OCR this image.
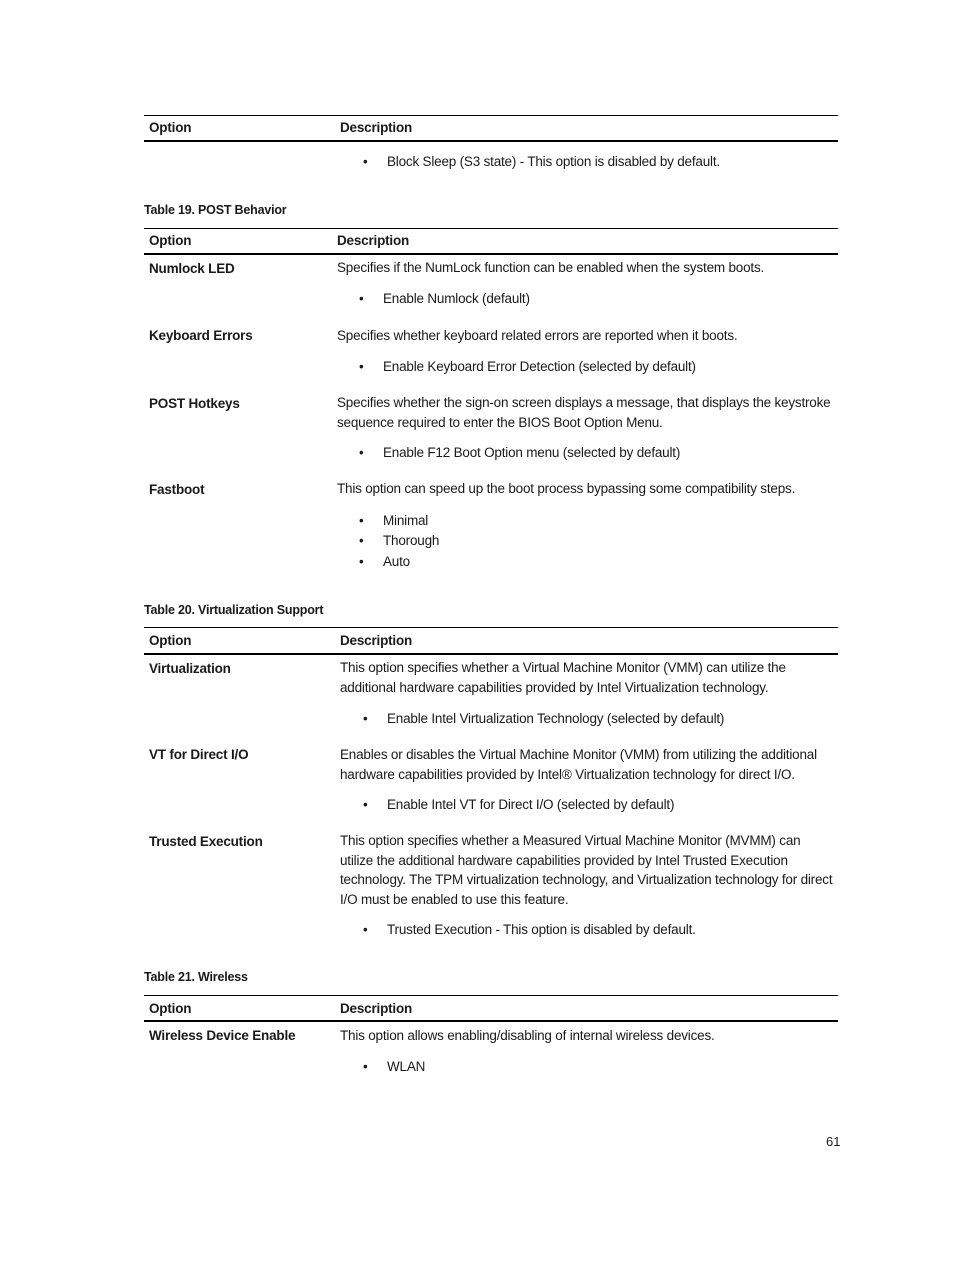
Option	Description
• Block Sleep (S3 state) - This option is disabled by default.
Table 19. POST Behavior
Option	Description
Numlock LED	Specifies if the NumLock function can be enabled when the system boots.
• Enable Numlock (default)
Keyboard Errors	Specifies whether keyboard related errors are reported when it boots.
• Enable Keyboard Error Detection (selected by default)
POST Hotkeys	Specifies whether the sign-on screen displays a message, that displays the keystroke sequence required to enter the BIOS Boot Option Menu.
• Enable F12 Boot Option menu (selected by default)
Fastboot	This option can speed up the boot process bypassing some compatibility steps.
• Minimal
• Thorough
• Auto
Table 20. Virtualization Support
Option	Description
Virtualization	This option specifies whether a Virtual Machine Monitor (VMM) can utilize the additional hardware capabilities provided by Intel Virtualization technology.
• Enable Intel Virtualization Technology (selected by default)
VT for Direct I/O	Enables or disables the Virtual Machine Monitor (VMM) from utilizing the additional hardware capabilities provided by Intel® Virtualization technology for direct I/O.
• Enable Intel VT for Direct I/O (selected by default)
Trusted Execution	This option specifies whether a Measured Virtual Machine Monitor (MVMM) can utilize the additional hardware capabilities provided by Intel Trusted Execution technology. The TPM virtualization technology, and Virtualization technology for direct I/O must be enabled to use this feature.
• Trusted Execution - This option is disabled by default.
Table 21. Wireless
Option	Description
Wireless Device Enable	This option allows enabling/disabling of internal wireless devices.
• WLAN
61
